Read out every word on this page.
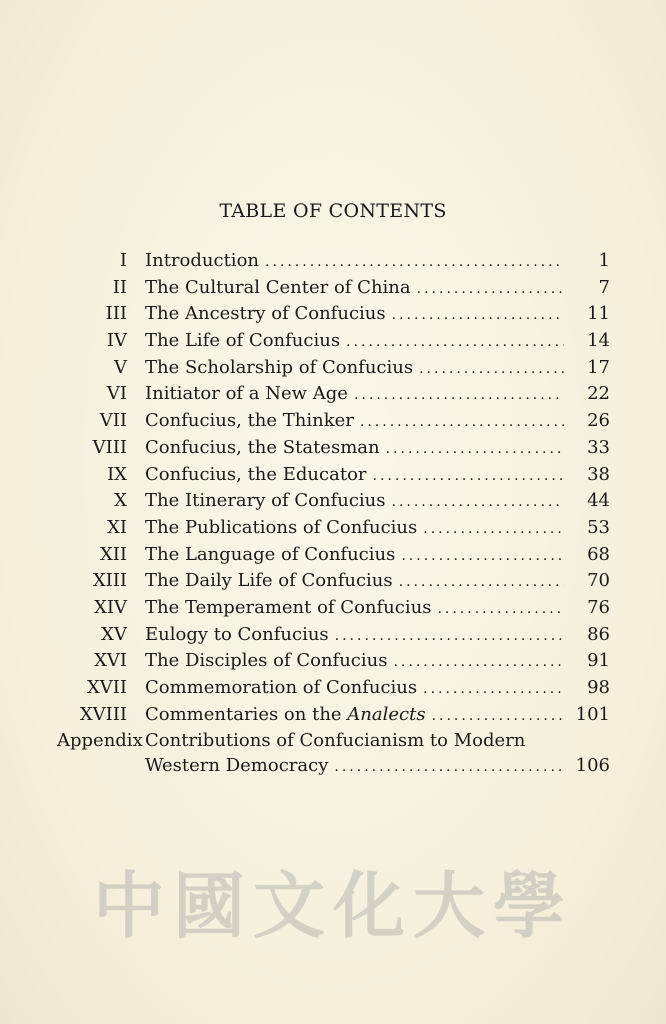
TABLE OF CONTENTS
I	Introduction .....	1
II	The Cultural Center of China .....	7
III	The Ancestry of Confucius .....	11
IV	The Life of Confucius .....	14
V	The Scholarship of Confucius .....	17
VI	Initiator of a New Age .....	22
VII	Confucius, the Thinker .....	26
VIII	Confucius, the Statesman .....	33
IX	Confucius, the Educator .....	38
X	The Itinerary of Confucius .....	44
XI	The Publications of Confucius .....	53
XII	The Language of Confucius .....	68
XIII	The Daily Life of Confucius .....	70
XIV	The Temperament of Confucius .....	76
XV	Eulogy to Confucius .....	86
XVI	The Disciples of Confucius .....	91
XVII	Commemoration of Confucius .....	98
XVIII	Commentaries on the Analects .....	101
Appendix Contributions of Confucianism to Modern
Western Democracy .....	106
中國文化大學
